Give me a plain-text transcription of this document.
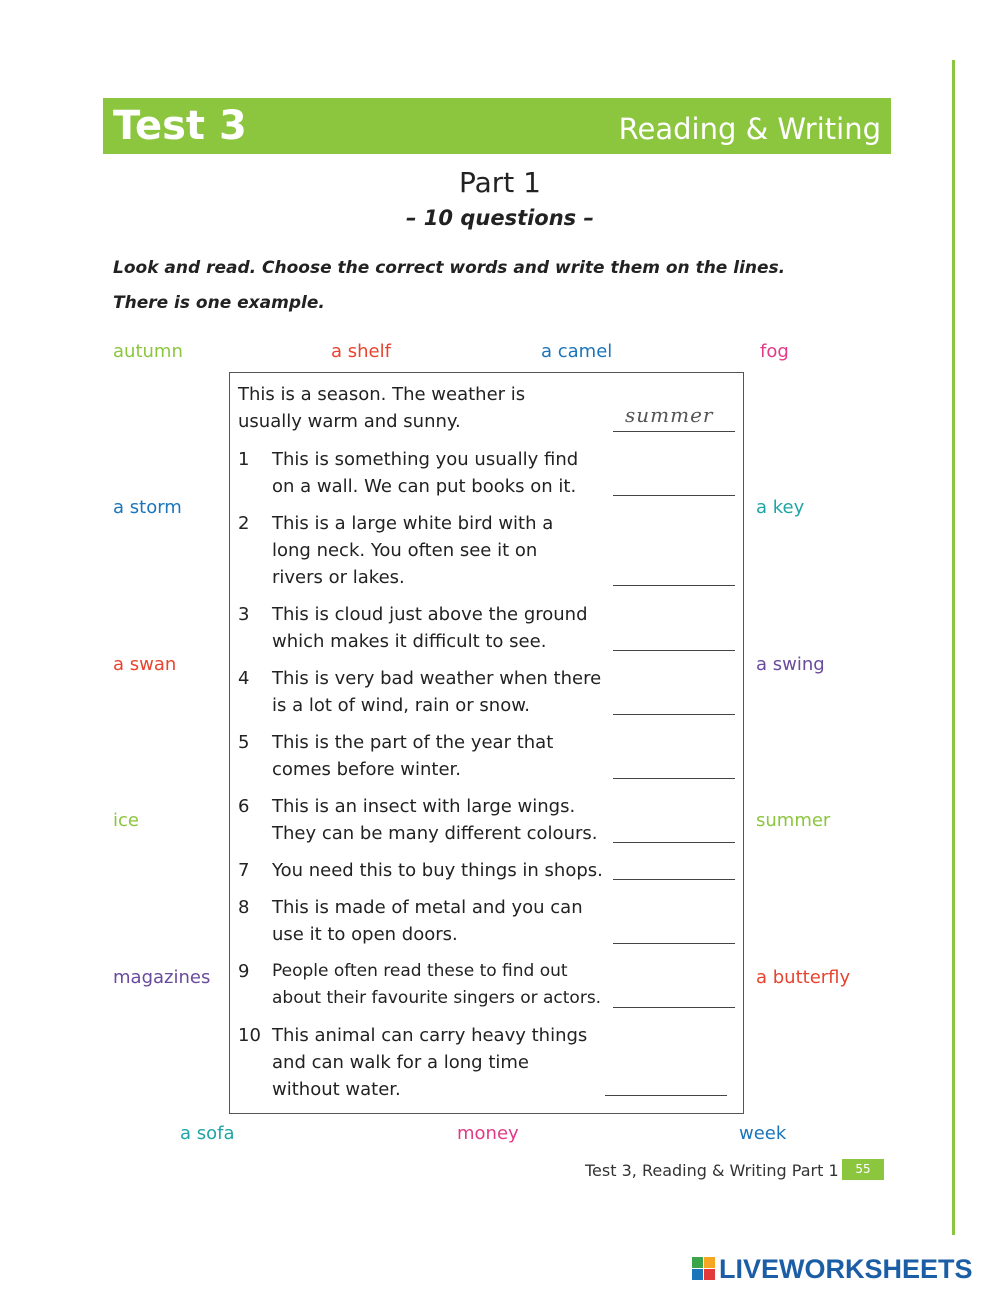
Test 3	Reading & Writing
Part 1
– 10 questions –
Look and read. Choose the correct words and write them on the lines.
There is one example.
autumn	a shelf	a camel	fog
a storm	a key
a swan	a swing
ice	summer
magazines	a butterfly
a sofa	money	week
This is a season. The weather is
usually warm and sunny.	summer
1	This is something you usually find
on a wall. We can put books on it.
2	This is a large white bird with a
long neck. You often see it on
rivers or lakes.
3	This is cloud just above the ground
which makes it difficult to see.
4	This is very bad weather when there
is a lot of wind, rain or snow.
5	This is the part of the year that
comes before winter.
6	This is an insect with large wings.
They can be many different colours.
7	You need this to buy things in shops.
8	This is made of metal and you can
use it to open doors.
9	People often read these to find out
about their favourite singers or actors.
10 This animal can carry heavy things
and can walk for a long time
without water.
Test 3, Reading & Writing Part 1	55
LIVEWORKSHEETS
